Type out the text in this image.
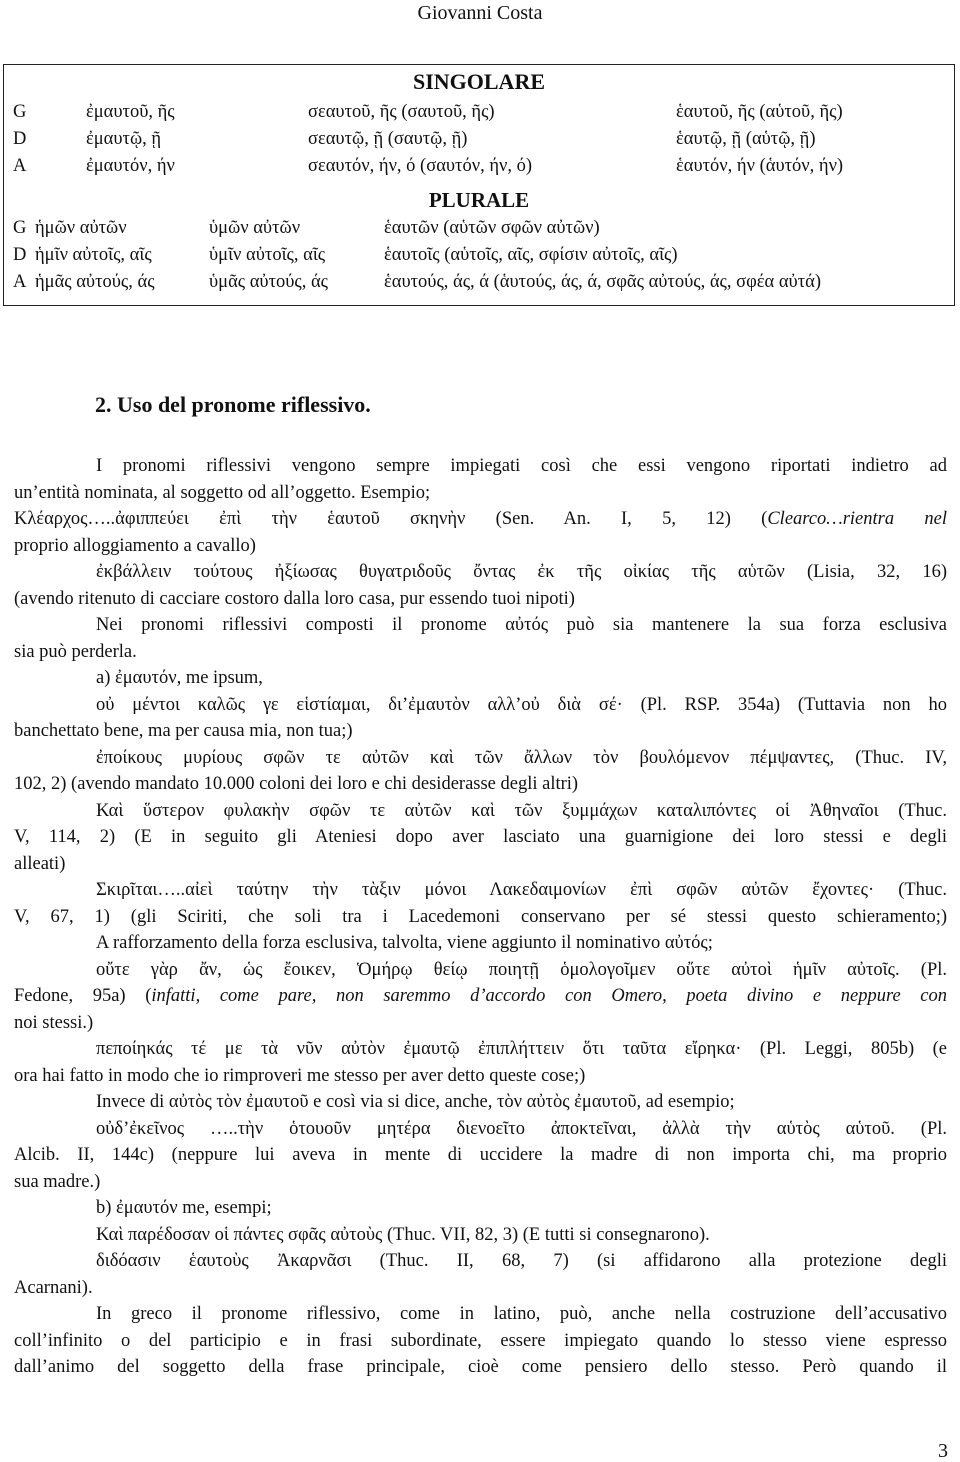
Giovanni Costa
SINGOLARE
G	ἐμαυτοῦ, ῆς	σεαυτοῦ, ῆς (σαυτοῦ, ῆς)	ἑαυτοῦ, ῆς (αὑτοῦ, ῆς)
D	ἐμαυτῷ, ῇ	σεαυτῷ, ῇ (σαυτῷ, ῇ)	ἑαυτῷ, ῇ (αὑτῷ, ῇ)
A	ἐμαυτόν, ήν	σεαυτόν, ήν, ό (σαυτόν, ήν, ό)	ἑαυτόν, ήν (ἁυτόν, ήν)
PLURALE
G ἡμῶν αὐτῶν	ὑμῶν αὐτῶν	ἑαυτῶν (αὑτῶν σφῶν αὐτῶν)
D ἡμῖν αὐτοῖς, αῖς	ὑμῖν αὐτοῖς, αῖς	ἑαυτοῖς (αὑτοῖς, αῖς, σφίσιν αὐτοῖς, αῖς)
A ἡμᾶς αὐτούς, άς	ὑμᾶς αὐτούς, άς	ἑαυτούς, άς, ά (ἁυτούς, άς, ά, σφᾶς αὐτούς, άς, σφέα αὐτά)
2. Uso del pronome riflessivo.
I pronomi riflessivi vengono sempre impiegati così che essi vengono riportati indietro ad
un’entità nominata, al soggetto od all’oggetto. Esempio;
Κλέαρχος…..ἀφιππεύει ἐπὶ τὴν ἑαυτοῦ σκηνὴν (Sen. An. I, 5, 12) (Clearco…rientra nel
proprio alloggiamento a cavallo)
ἐκβάλλειν τούτους ἠξίωσας θυγατριδοῦς ὄντας ἐκ τῆς οἰκίας τῆς αὑτῶν (Lisia, 32, 16)
(avendo ritenuto di cacciare costoro dalla loro casa, pur essendo tuoi nipoti)
Nei pronomi riflessivi composti il pronome αὐτός può sia mantenere la sua forza esclusiva
sia può perderla.
a) ἐμαυτόν, me ipsum,
οὐ μέντοι καλῶς γε εἱστίαμαι, δι’ἐμαυτὸν αλλ’οὐ διὰ σέ· (Pl. RSP. 354a) (Tuttavia non ho
banchettato bene, ma per causa mia, non tua;)
ἐποίκους μυρίους σφῶν τε αὐτῶν καὶ τῶν ἄλλων τὸν βουλόμενον πέμψαντες, (Thuc. IV,
102, 2) (avendo mandato 10.000 coloni dei loro e chi desiderasse degli altri)
Καὶ ὕστερον φυλακὴν σφῶν τε αὐτῶν καὶ τῶν ξυμμάχων καταλιπόντες οἱ Ἀθηναῖοι (Thuc.
V, 114, 2) (E in seguito gli Ateniesi dopo aver lasciato una guarnigione dei loro stessi e degli
alleati)
Σκιρῖται…..αἰεὶ ταύτην τὴν τὰξιν μόνοι Λακεδαιμονίων ἐπὶ σφῶν αὐτῶν ἔχοντες· (Thuc.
V, 67, 1) (gli Sciriti, che soli tra i Lacedemoni conservano per sé stessi questo schieramento;)
A rafforzamento della forza esclusiva, talvolta, viene aggiunto il nominativo αὐτός;
οὔτε γὰρ ἄν, ὡς ἔοικεν, Ὁμήρῳ θείῳ ποιητῇ ὁμολογοῖμεν οὔτε αὐτοὶ ἡμῖν αὐτοῖς. (Pl.
Fedone, 95a) (infatti, come pare, non saremmo d’accordo con Omero, poeta divino e neppure con
noi stessi.)
πεποίηκάς τέ με τὰ νῦν αὐτὸν ἐμαυτῷ ἐπιπλήττειν ὅτι ταῦτα εἴρηκα· (Pl. Leggi, 805b) (e
ora hai fatto in modo che io rimproveri me stesso per aver detto queste cose;)
Invece di αὐτὸς τὸν ἐμαυτοῦ e così via si dice, anche, τὸν αὐτὸς ἐμαυτοῦ, ad esempio;
οὐδ’ἐκεῖνος …..τὴν ὁτουοῦν μητέρα διενοεῖτο ἀποκτεῖναι, ἀλλὰ τὴν αὑτὸς αὑτοῦ. (Pl.
Alcib. II, 144c) (neppure lui aveva in mente di uccidere la madre di non importa chi, ma proprio
sua madre.)
b) ἐμαυτόν me, esempi;
Καὶ παρέδοσαν οἱ πάντες σφᾶς αὐτοὺς (Thuc. VII, 82, 3) (E tutti si consegnarono).
διδόασιν ἑαυτοὺς Ἀκαρνᾶσι (Thuc. II, 68, 7) (si affidarono alla protezione degli
Acarnani).
In greco il pronome riflessivo, come in latino, può, anche nella costruzione dell’accusativo
coll’infinito o del participio e in frasi subordinate, essere impiegato quando lo stesso viene espresso
dall’animo del soggetto della frase principale, cioè come pensiero dello stesso. Però quando il
3
